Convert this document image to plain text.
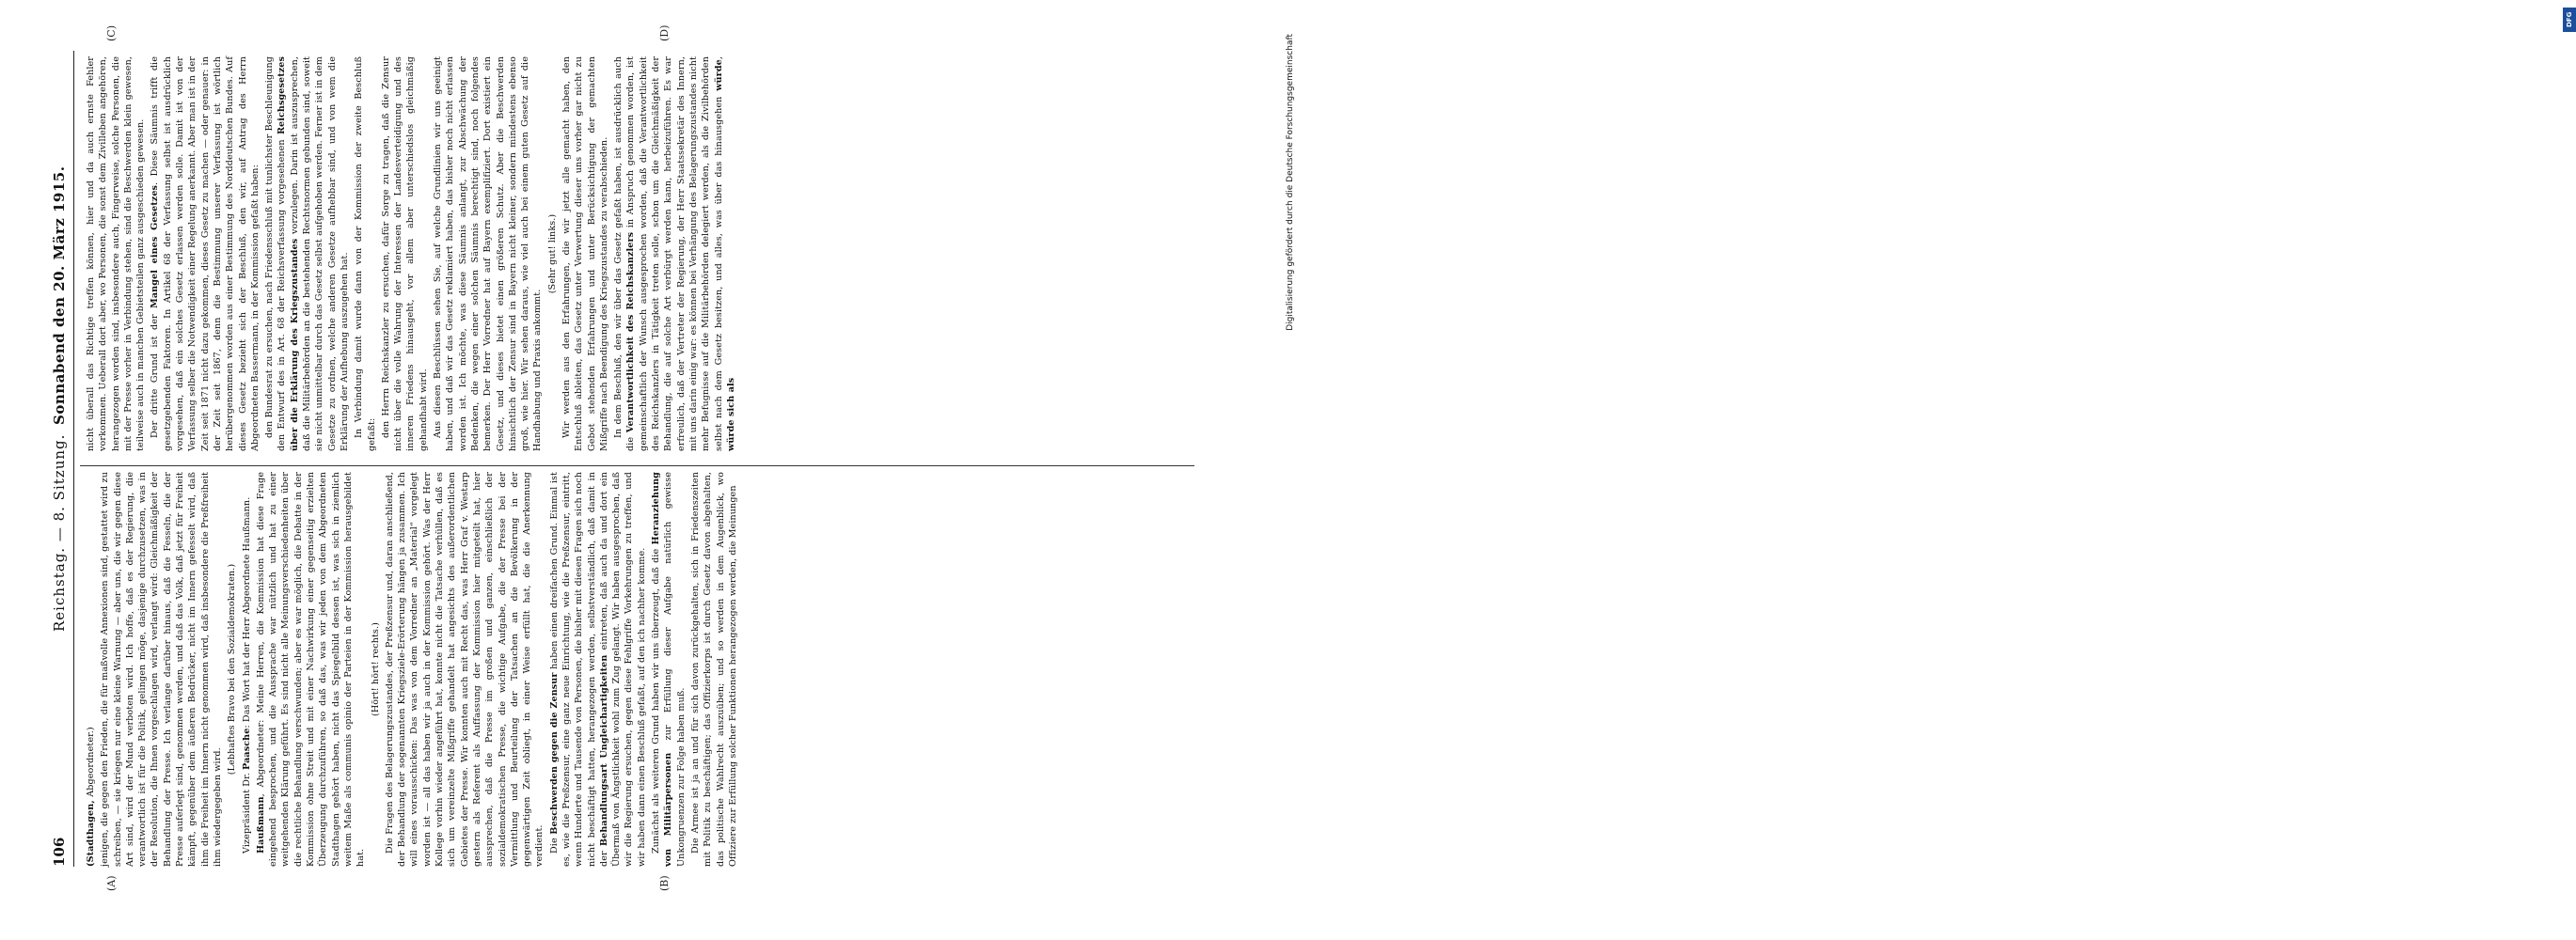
106
Reichstag. — 8. Sitzung.
Sonnabend den 20. März 1915.
(A)	(B)
(C)	(D)

(Stadthagen, Abgeordneter.) jenigen, die gegen den Frieden, die für maßvolle Annexionen sind, gestattet wird zu schreiben, — sie kriegen nur eine kleine Warnung — aber uns, die wir gegen diese Art sind, wird der Mund verboten wird. Ich hoffe, daß es der Regierung, die verantwortlich ist für die Politik, gelingen möge, dasjenige durchzusetzen, was in der Resolution, die Ihnen vorgeschlagen wird, verlangt wird: Gleichmäßigkeit der Behandlung der Presse. Ich verlange darüber hinaus, daß die Fesseln, die der Presse auferlegt sind, genommen werden, und daß das Volk, daß jetzt für Freiheit kämpft, gegenüber dem äußeren Bedrücker, nicht im Innern gefesselt wird, daß ihm die Freiheit im Innern nicht genommen wird, daß insbesondere die Preßfreiheit ihm wiedergegeben wird.

(Lebhaftes Bravo bei den Sozialdemokraten.)

Vizepräsident Dr. Paasche: Das Wort hat der Herr Abgeordnete Haußmann.

Haußmann, Abgeordneter: Meine Herren, die Kommission hat diese Frage eingehend besprochen, und die Aussprache war nützlich und hat zu einer weitgehenden Klärung geführt. Es sind nicht alle Meinungsverschiedenheiten über die rechtliche Behandlung verschwunden; aber es war möglich, die Debatte in der Kommission ohne Streit und mit einer Nachwirkung einer gegenseitig erzielten Überzeugung durchzuführen, so daß das, was wir jeden von dem Abgeordneten Stadthagen gehört haben, nicht das Spiegelbild dessen ist, was sich in ziemlich weitem Maße als communis opinio der Parteien in der Kommission herausgebildet hat.

(Hört! hört! rechts.) Die Fragen des Belagerungszustandes, der Preßzensur und, daran anschließend, der Behandlung der sogenannten Kriegsziele-Erörterung hängen ja zusammen. Ich will eines vorausschicken: Das was von dem Vorredner an „Material“ vorgelegt worden ist — all das haben wir ja auch in der Kommission gehört. Was der Herr Kollege vorhin wieder angeführt hat, konnte nicht die Tatsache verhüllen, daß es sich um vereinzelte Mißgriffe gehandelt hat angesichts des außerordentlichen Gebietes der Presse. Wir konnten auch mit Recht das, was Herr Graf v. Westarp gestern als Referent als Auffassung der Kommission hier mitgeteilt hat, hier aussprechen, daß die Presse im großen und ganzen, einschließlich der sozialdemokratischen Presse, die wichtige Aufgabe, die der Presse bei der Vermittlung und Beurteilung der Tatsachen an die Bevölkerung in der gegenwärtigen Zeit obliegt, in einer Weise erfüllt hat, die die Anerkennung verdient. Die Beschwerden gegen die Zensur haben einen dreifachen Grund. Einmal ist es, wie die Preßzensur, eine ganz neue Einrichtung, wie die Preßzensur, eintritt, wenn Hunderte und Tausende von Personen, die bisher mit diesen Fragen sich noch nicht beschäftigt hatten, herangezogen werden, selbstverständlich, daß damit in der Behandlungsart Ungleichartigkeiten eintreten, daß auch da und dort ein Übermaß von Ängstlichkeit wohl zum Zug gelangt. Wir haben ausgesprochen, daß wir die Regierung ersuchen, gegen diese Fehlgriffe Vorkehrungen zu treffen, und wir haben dann einen Beschluß gefaßt, auf den ich nachher komme. Zunächst als weiteren Grund haben wir uns überzeugt, daß die Heranziehung von Militärpersonen zur Erfüllung dieser Aufgabe natürlich gewisse Unkongruenzen zur Folge haben muß. Die Armee ist ja an und für sich davon zurückgehalten, sich in Friedenszeiten mit Politik zu beschäftigen; das Offizierkorps ist durch Gesetz davon abgehalten, das politische Wahlrecht auszuüben; und so werden in dem Augenblick, wo Offiziere zur Erfüllung solcher Funktionen herangezogen werden, die Meinungen

nicht überall das Richtige treffen können, hier und da auch ernste Fehler vorkommen. Ueberall dort aber, wo Personen, die sonst dem Zivilleben angehören, herangezogen worden sind, insbesondere auch, Fingerweise, solche Personen, die mit der Presse vorher in Verbindung stehen, sind die Beschwerden klein gewesen, teilweise auch in manchen Gebietsteilen ganz ausgeschieden gewesen. Der dritte Grund ist der Mangel eines Gesetzes. Diese Säumnis trifft die gesetzgebenden Faktoren. In Artikel 68 der Verfassung selbst ist ausdrücklich vorgesehen, daß ein solches Gesetz erlassen werden solle. Damit ist von der Verfassung selber die Notwendigkeit einer Regelung anerkannt. Aber man ist in der Zeit seit 1871 nicht dazu gekommen, dieses Gesetz zu machen — oder genauer: in der Zeit seit 1867, denn die Bestimmung unserer Verfassung ist wörtlich herübergenommen worden aus einer Bestimmung des Norddeutschen Bundes. Auf dieses Gesetz bezieht sich der Beschluß, den wir, auf Antrag des Herrn Abgeordneten Bassermann, in der Kommission gefaßt haben: den Bundesrat zu ersuchen, nach Friedensschluß mit tunlichster Beschleunigung den Entwurf des in Art. 68 der Reichsverfassung vorgesehenen Reichsgesetzes über die Erklärung des Kriegszustandes vorzulegen. Darin ist auszusprechen, daß die Militärbehörden an die bestehenden Rechtsnormen gebunden sind, soweit sie nicht unmittelbar durch das Gesetz selbst aufgehoben werden. Ferner ist in dem Gesetze zu ordnen, welche anderen Gesetze aufhebbar sind, und von wem die Erklärung der Aufhebung auszugehen hat. In Verbindung damit wurde dann von der Kommission der zweite Beschluß gefaßt: den Herrn Reichskanzler zu ersuchen, dafür Sorge zu tragen, daß die Zensur nicht über die volle Wahrung der Interessen der Landesverteidigung und des inneren Friedens hinausgeht, vor allem aber unterschiedslos gleichmäßig gehandhabt wird. Aus diesen Beschlüssen sehen Sie, auf welche Grundlinien wir uns geeinigt haben, und daß wir das Gesetz reklamiert haben, das bisher noch nicht erlassen worden ist. Ich möchte, was diese Säumnis anlangt, zur Abschwächung der Bedenken, die wegen einer solchen Säumnis berechtigt sind, noch folgendes bemerken. Der Herr Vorredner hat auf Bayern exemplifiziert. Dort existiert ein Gesetz, und dieses bietet einen größeren Schutz. Aber die Beschwerden hinsichtlich der Zensur sind in Bayern nicht kleiner, sondern mindestens ebenso groß, wie hier. Wir sehen daraus, wie viel auch bei einem guten Gesetz auf die Handhabung und Praxis ankommt.

(Sehr gut! links.) Wir werden aus den Erfahrungen, die wir jetzt alle gemacht haben, den Entschluß ableiten, das Gesetz unter Verwertung dieser uns vorher gar nicht zu Gebot stehenden Erfahrungen und unter Berücksichtigung der gemachten Mißgriffe nach Beendigung des Kriegszustandes zu verabschieden. In dem Beschluß, den wir über das Gesetz gefaßt haben, ist ausdrücklich auch die Verantwortlichkeit des Reichskanzlers in Anspruch genommen worden, ist gemeinschaftlich der Wunsch ausgesprochen worden, daß die Verantwortlichkeit des Reichskanzlers in Tätigkeit treten solle, schon um die Gleichmäßigkeit der Behandlung, die auf solche Art verbürgt werden kann, herbeizuführen. Es war erfreulich, daß der Vertreter der Regierung, der Herr Staatssekretär des Innern, mit uns darin einig war: es können bei Verhängung des Belagerungszustandes nicht mehr Befugnisse auf die Militärbehörden delegiert werden, als die Zivilbehörden selbst nach dem Gesetz besitzen, und alles, was über das hinausgehen würde, würde sich als

DFG
Digitalisierung gefördert durch die Deutsche Forschungsgemeinschaft
